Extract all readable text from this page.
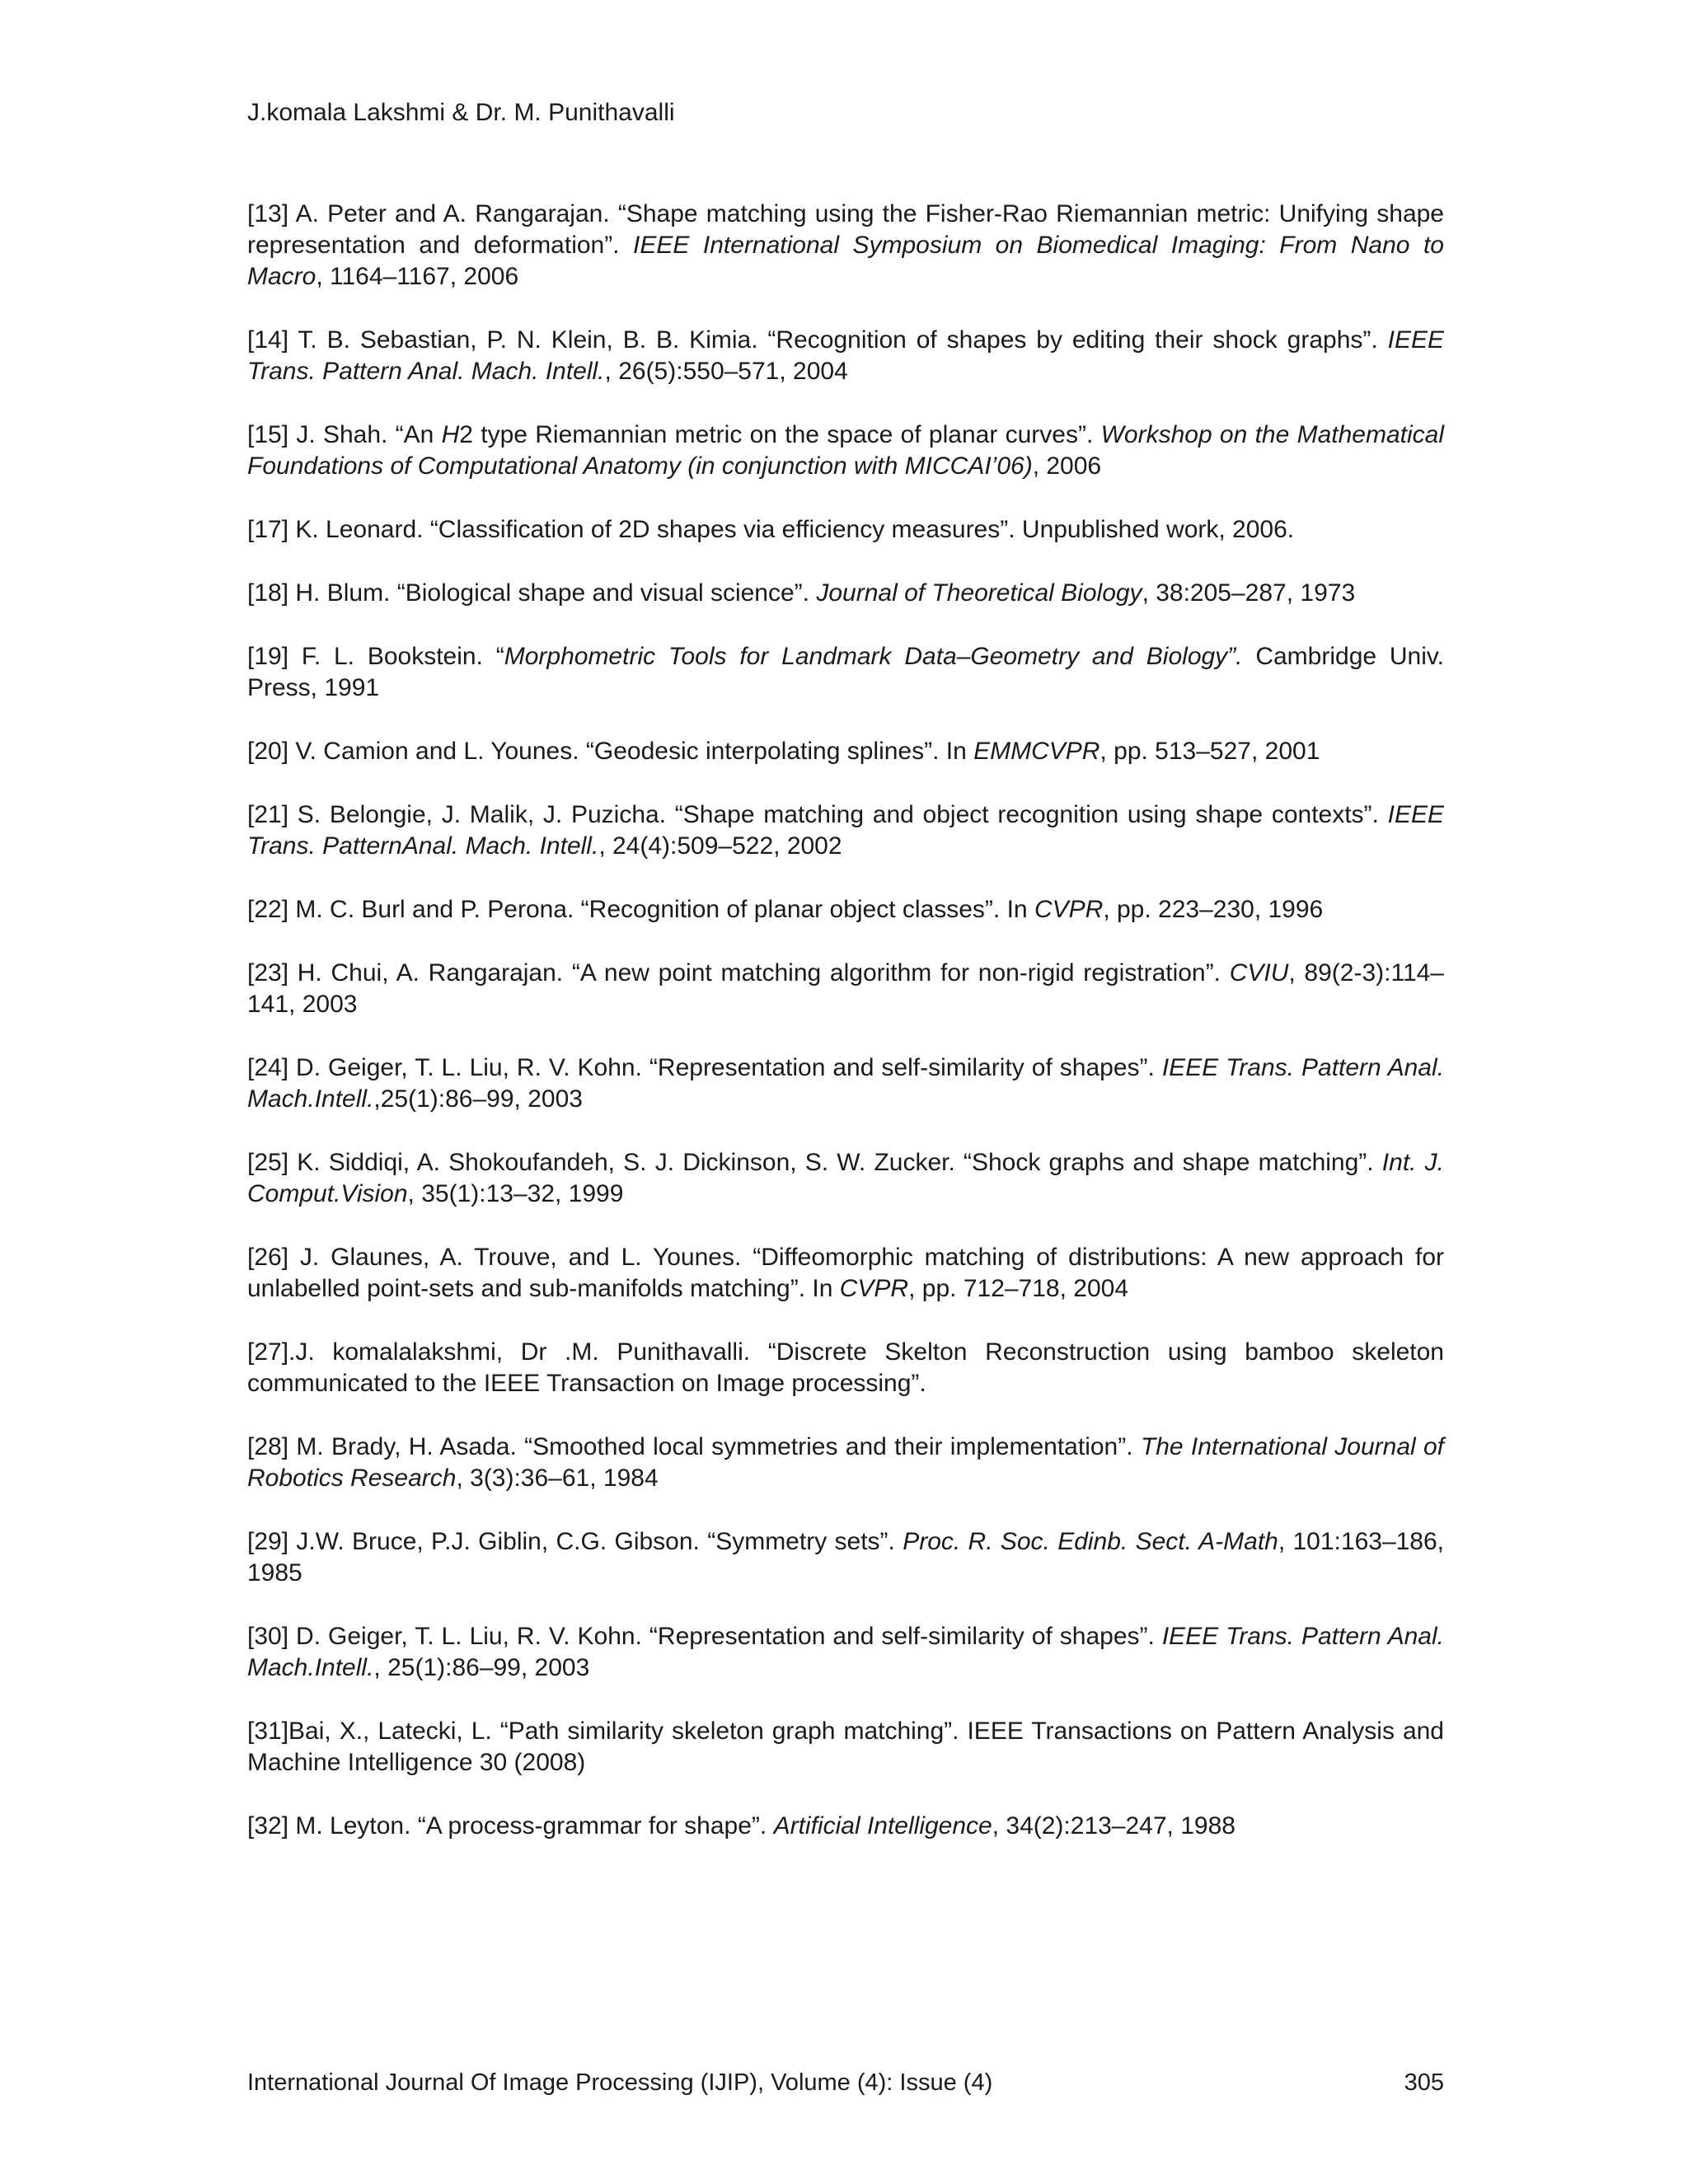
J.komala Lakshmi & Dr. M. Punithavalli

[13] A. Peter and A. Rangarajan. “Shape matching using the Fisher-Rao Riemannian metric: Unifying shape representation and deformation”. IEEE International Symposium on Biomedical Imaging: From Nano to Macro, 1164–1167, 2006

[14] T. B. Sebastian, P. N. Klein, B. B. Kimia. “Recognition of shapes by editing their shock graphs”. IEEE Trans. Pattern Anal. Mach. Intell., 26(5):550–571, 2004

[15] J. Shah. “An H2 type Riemannian metric on the space of planar curves”. Workshop on the Mathematical Foundations of Computational Anatomy (in conjunction with MICCAI’06), 2006

[17] K. Leonard. “Classification of 2D shapes via efficiency measures”. Unpublished work, 2006.

[18] H. Blum. “Biological shape and visual science”. Journal of Theoretical Biology, 38:205–287, 1973

[19] F. L. Bookstein. “Morphometric Tools for Landmark Data–Geometry and Biology”. Cambridge Univ. Press, 1991

[20] V. Camion and L. Younes. “Geodesic interpolating splines”. In EMMCVPR, pp. 513–527, 2001

[21] S. Belongie, J. Malik, J. Puzicha. “Shape matching and object recognition using shape contexts”. IEEE Trans. PatternAnal. Mach. Intell., 24(4):509–522, 2002

[22] M. C. Burl and P. Perona. “Recognition of planar object classes”. In CVPR, pp. 223–230, 1996

[23] H. Chui, A. Rangarajan. “A new point matching algorithm for non-rigid registration”. CVIU, 89(2-3):114–141, 2003

[24] D. Geiger, T. L. Liu, R. V. Kohn. “Representation and self-similarity of shapes”. IEEE Trans. Pattern Anal. Mach.Intell.,25(1):86–99, 2003

[25] K. Siddiqi, A. Shokoufandeh, S. J. Dickinson, S. W. Zucker. “Shock graphs and shape matching”. Int. J. Comput.Vision, 35(1):13–32, 1999

[26] J. Glaunes, A. Trouve, and L. Younes. “Diffeomorphic matching of distributions: A new approach for unlabelled point-sets and sub-manifolds matching”. In CVPR, pp. 712–718, 2004

[27].J. komalalakshmi, Dr .M. Punithavalli. “Discrete Skelton Reconstruction using bamboo skeleton communicated to the IEEE Transaction on Image processing”.

[28] M. Brady, H. Asada. “Smoothed local symmetries and their implementation”. The International Journal of Robotics Research, 3(3):36–61, 1984

[29] J.W. Bruce, P.J. Giblin, C.G. Gibson. “Symmetry sets”. Proc. R. Soc. Edinb. Sect. A-Math, 101:163–186, 1985

[30] D. Geiger, T. L. Liu, R. V. Kohn. “Representation and self-similarity of shapes”. IEEE Trans. Pattern Anal. Mach.Intell., 25(1):86–99, 2003

[31]Bai, X., Latecki, L. “Path similarity skeleton graph matching”. IEEE Transactions on Pattern Analysis and Machine Intelligence 30 (2008)

[32] M. Leyton. “A process-grammar for shape”. Artificial Intelligence, 34(2):213–247, 1988

International Journal Of Image Processing (IJIP), Volume (4): Issue (4)	305
